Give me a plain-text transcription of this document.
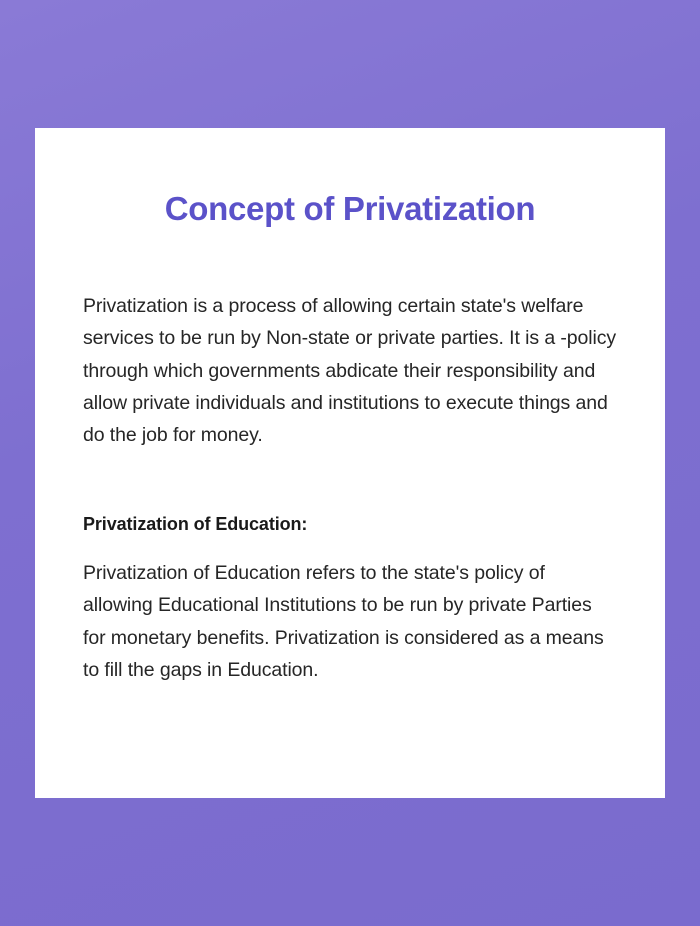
Concept of Privatization

Privatization is a process of allowing certain state's welfare services to be run by Non-state or private parties. It is a -policy through which governments abdicate their responsibility and allow private individuals and institutions to execute things and do the job for money.

Privatization of Education:

Privatization of Education refers to the state's policy of allowing Educational Institutions to be run by private Parties for monetary benefits. Privatization is considered as a means to fill the gaps in Education.
